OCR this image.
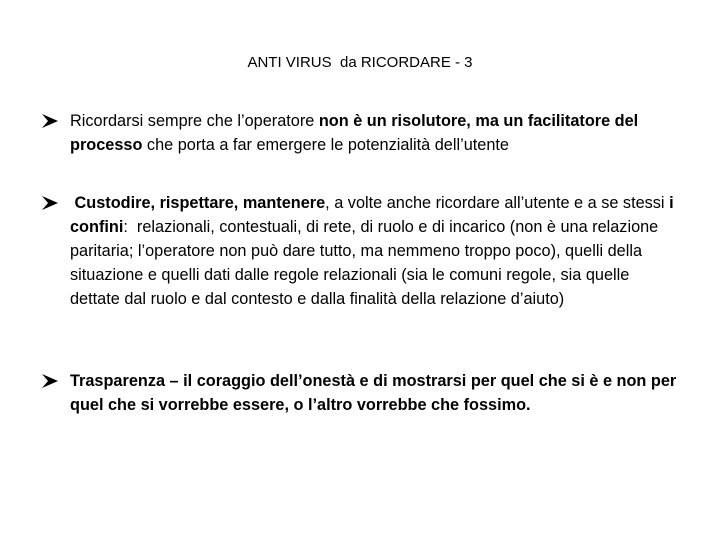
ANTI VIRUS  da RICORDARE - 3
Ricordarsi sempre che l’operatore non è un risolutore, ma un facilitatore del processo che porta a far emergere le potenzialità dell’utente
Custodire, rispettare, mantenere, a volte anche ricordare all’utente e a se stessi i confini:  relazionali, contestuali, di rete, di ruolo e di incarico (non è una relazione paritaria; l’operatore non può dare tutto, ma nemmeno troppo poco), quelli della situazione e quelli dati dalle regole relazionali (sia le comuni regole, sia quelle dettate dal ruolo e dal contesto e dalla finalità della relazione d’aiuto)
Trasparenza – il coraggio dell’onestà e di mostrarsi per quel che si è e non per quel che si vorrebbe essere, o l’altro vorrebbe che fossimo.
